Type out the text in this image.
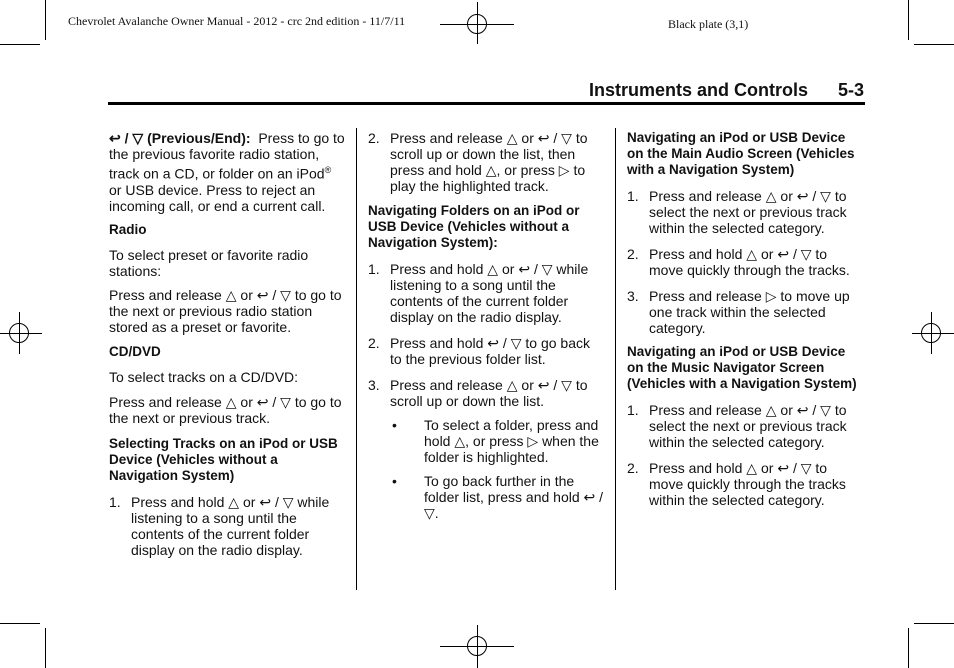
Chevrolet Avalanche Owner Manual - 2012 - crc 2nd edition - 11/7/11	Black plate (3,1)
Instruments and Controls 5-3

↩ / ▽ (Previous/End): Press to go to the previous favorite radio station, track on a CD, or folder on an iPod® or USB device. Press to reject an incoming call, or end a current call.

Radio

To select preset or favorite radio stations:

Press and release △ or ↩ / ▽ to go to the next or previous radio station stored as a preset or favorite.

CD/DVD

To select tracks on a CD/DVD:

Press and release △ or ↩ / ▽ to go to the next or previous track.

Selecting Tracks on an iPod or USB Device (Vehicles without a Navigation System)

1. Press and hold △ or ↩ / ▽ while listening to a song until the contents of the current folder display on the radio display.
2. Press and release △ or ↩ / ▽ to scroll up or down the list, then press and hold △, or press ▷ to play the highlighted track.

Navigating Folders on an iPod or USB Device (Vehicles without a Navigation System):

1. Press and hold △ or ↩ / ▽ while listening to a song until the contents of the current folder display on the radio display.
2. Press and hold ↩ / ▽ to go back to the previous folder list.
3. Press and release △ or ↩ / ▽ to scroll up or down the list.
•	To select a folder, press and hold △, or press ▷ when the folder is highlighted.
•	To go back further in the folder list, press and hold ↩ / ▽.

Navigating an iPod or USB Device on the Main Audio Screen (Vehicles with a Navigation System)

1. Press and release △ or ↩ / ▽ to select the next or previous track within the selected category.
2. Press and hold △ or ↩ / ▽ to move quickly through the tracks.
3. Press and release ▷ to move up one track within the selected category.

Navigating an iPod or USB Device on the Music Navigator Screen (Vehicles with a Navigation System)

1. Press and release △ or ↩ / ▽ to select the next or previous track within the selected category.
2. Press and hold △ or ↩ / ▽ to move quickly through the tracks within the selected category.
